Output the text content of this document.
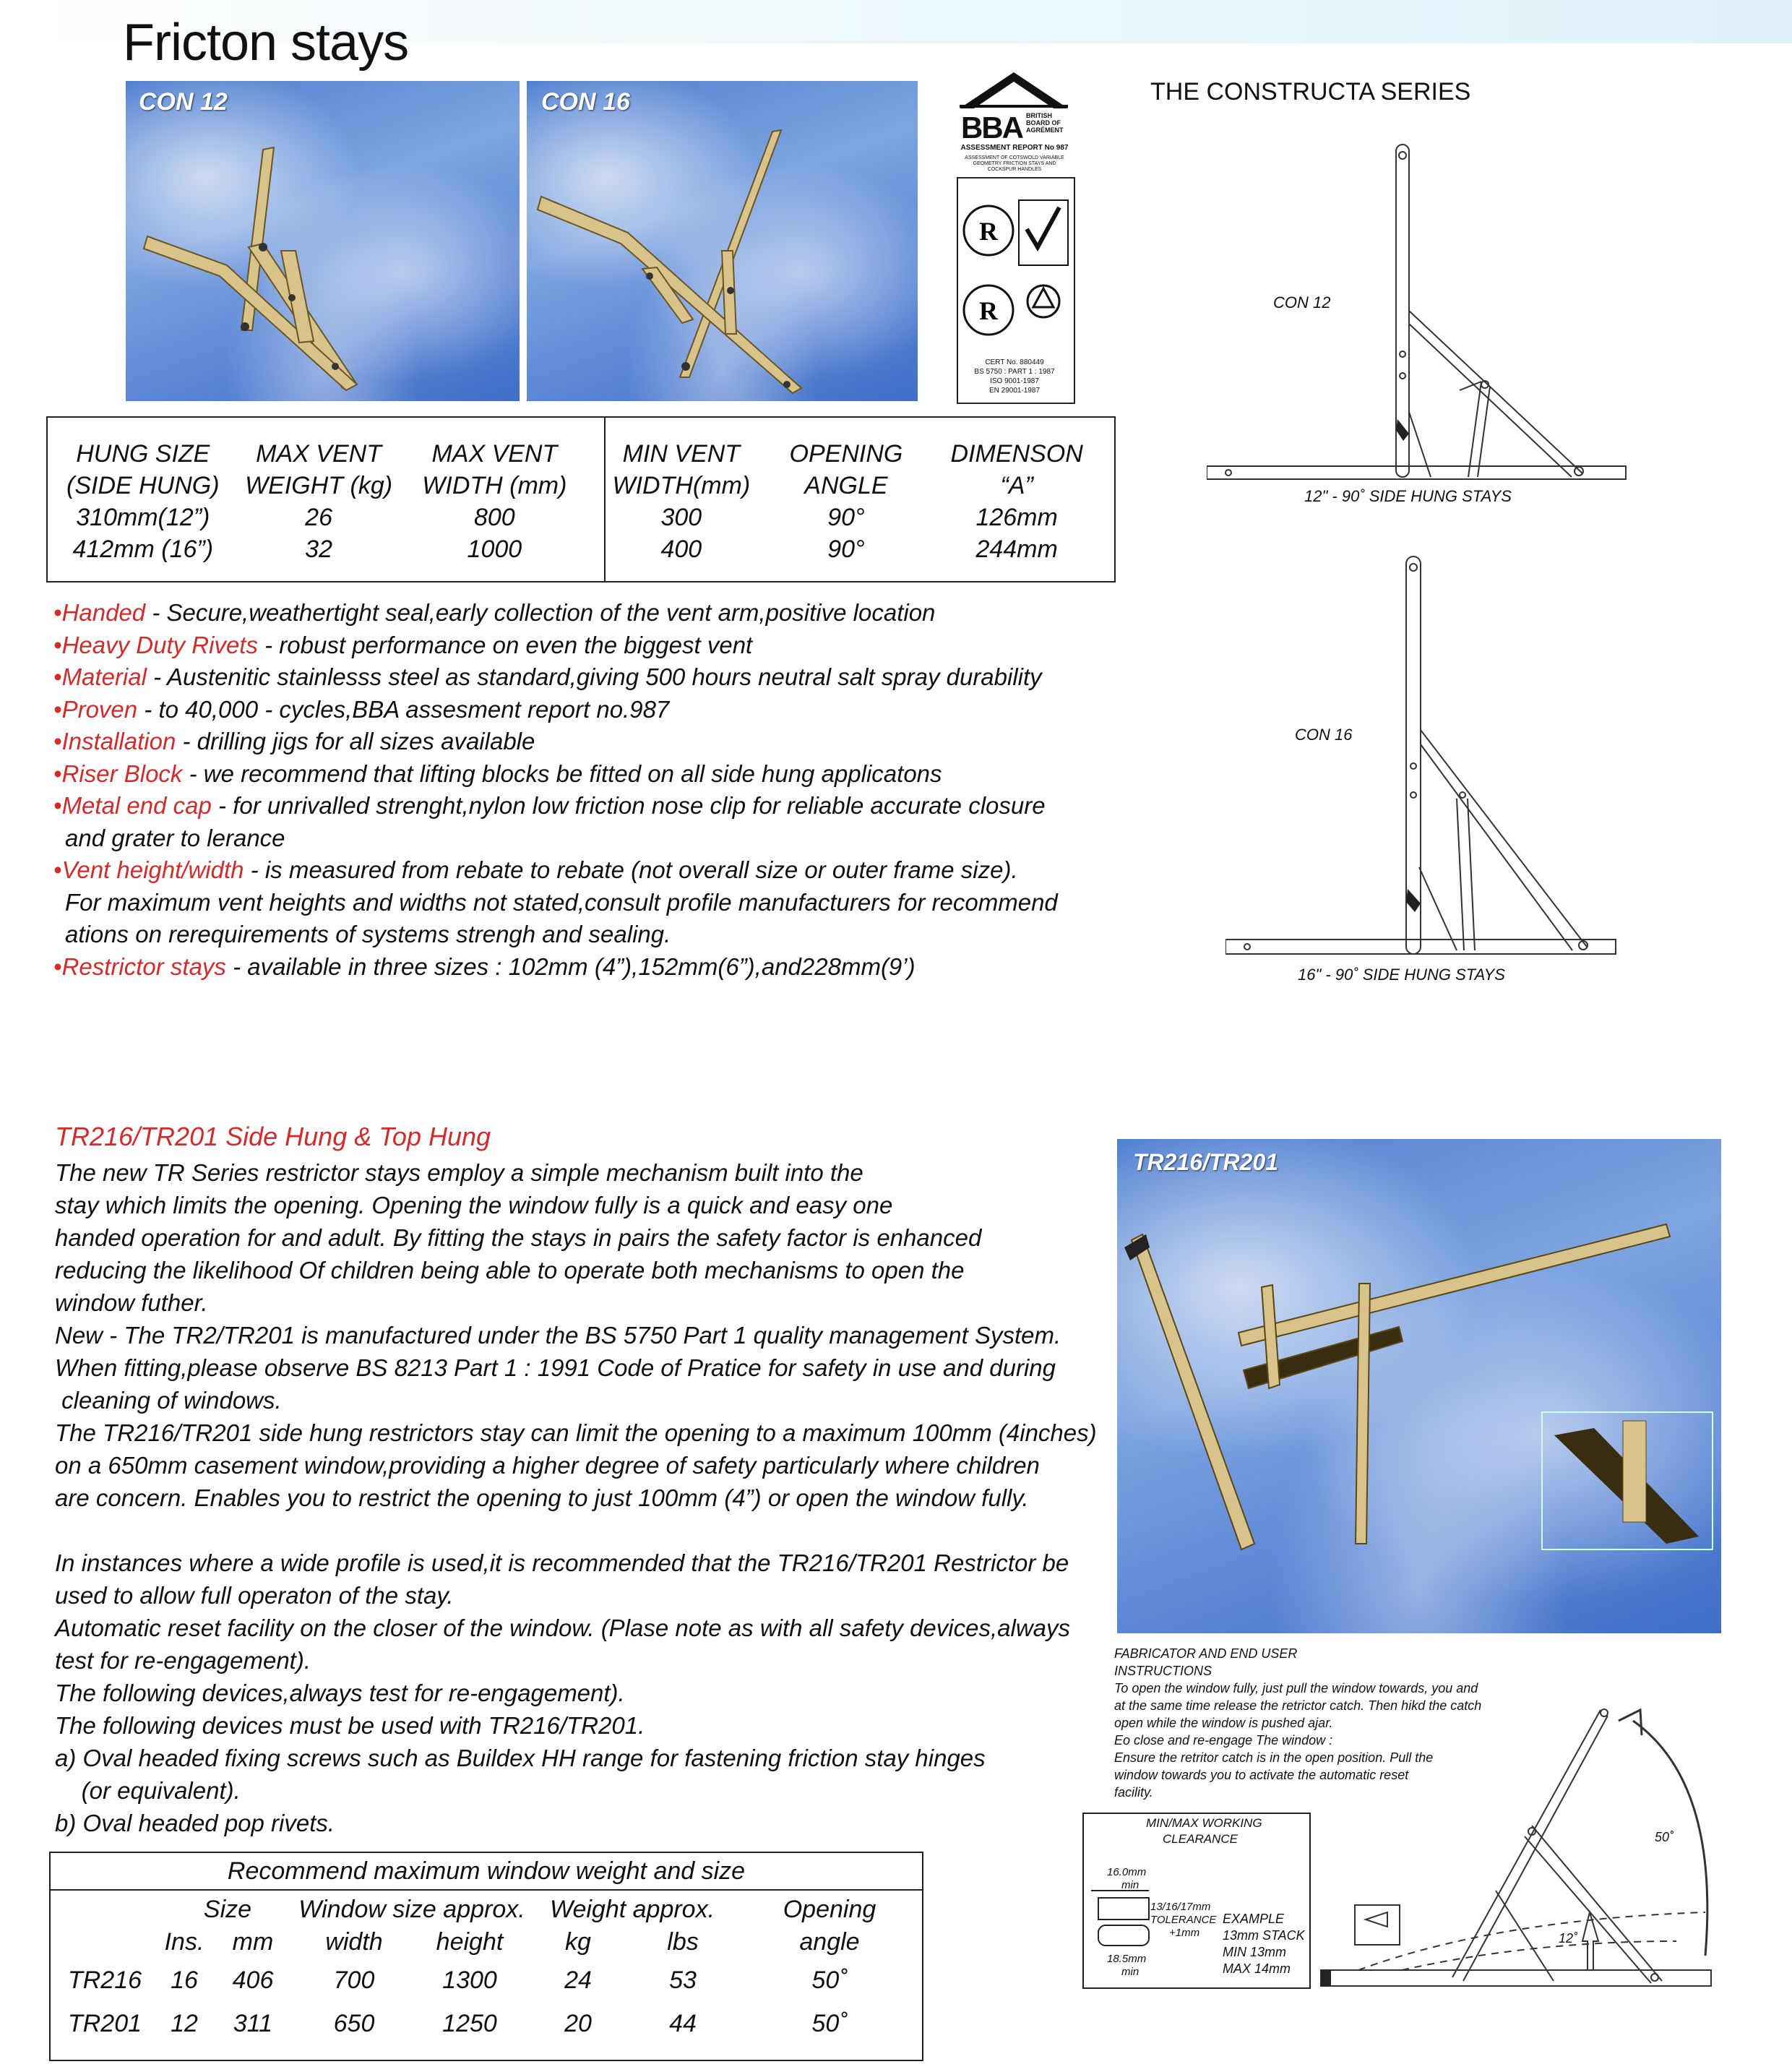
Fricton stays
CON 12	CON 16
BBA BRITISH BOARD OF AGRÉMENT
ASSESSMENT REPORT No 987
ASSESSMENT OF COTSWOLD VARIABLE GEOMETRY FRICTION STAYS AND COCKSPUR HANDLES
R
R
CERT No. 880449
BS 5750 : PART 1 : 1987
ISO 9001-1987
EN 29001-1987
THE CONSTRUCTA SERIES
HUNG SIZE	MAX VENT	MAX VENT	MIN VENT	OPENING	DIMENSON
(SIDE HUNG)	WEIGHT (kg)	WIDTH (mm)	WIDTH(mm)	ANGLE	“A”
310mm(12”)	26	800	300	90°	126mm
412mm (16”)	32	1000	400	90°	244mm
•Handed - Secure,weathertight seal,early collection of the vent arm,positive location
•Heavy Duty Rivets - robust performance on even the biggest vent
•Material - Austenitic stainlesss steel as standard,giving 500 hours neutral salt spray durability
•Proven - to 40,000 - cycles,BBA assesment report no.987
•Installation - drilling jigs for all sizes available
•Riser Block - we recommend that lifting blocks be fitted on all side hung applicatons
•Metal end cap - for unrivalled strenght,nylon low friction nose clip for reliable accurate closure
and grater to lerance
•Vent height/width - is measured from rebate to rebate (not overall size or outer frame size).
For maximum vent heights and widths not stated,consult profile manufacturers for recommend
ations on rerequirements of systems strengh and sealing.
•Restrictor stays - available in three sizes : 102mm (4”),152mm(6”),and228mm(9’)
CON 12
12" - 90˚ SIDE HUNG STAYS
CON 16
16" - 90˚ SIDE HUNG STAYS
TR216/TR201 Side Hung & Top Hung
The new TR Series restrictor stays employ a simple mechanism built into the
stay which limits the opening. Opening the window fully is a quick and easy one
handed operation for and adult. By fitting the stays in pairs the safety factor is enhanced
reducing the likelihood Of children being able to operate both mechanisms to open the
window futher.
New - The TR2/TR201 is manufactured under the BS 5750 Part 1 quality management System.
When fitting,please observe BS 8213 Part 1 : 1991 Code of Pratice for safety in use and during
cleaning of windows.
The TR216/TR201 side hung restrictors stay can limit the opening to a maximum 100mm (4inches)
on a 650mm casement window,providing a higher degree of safety particularly where children
are concern. Enables you to restrict the opening to just 100mm (4”) or open the window fully.
In instances where a wide profile is used,it is recommended that the TR216/TR201 Restrictor be
used to allow full operaton of the stay.
Automatic reset facility on the closer of the window. (Plase note as with all safety devices,always
test for re-engagement).
The following devices,always test for re-engagement).
The following devices must be used with TR216/TR201.
a) Oval headed fixing screws such as Buildex HH range for fastening friction stay hinges
(or equivalent).
b) Oval headed pop rivets.
TR216/TR201
FABRICATOR AND END USER
INSTRUCTIONS
To open the window fully, just pull the window towards, you and
at the same time release the retrictor catch. Then hikd the catch
open while the window is pushed ajar.
Eo close and re-engage The window :
Ensure the retritor catch is in the open position. Pull the
window towards you to activate the automatic reset
facility.
MIN/MAX WORKING
CLEARANCE
16.0mm
min
13/16/17mm
TOLERANCE
+1mm
18.5mm
min
EXAMPLE
13mm STACK
MIN 13mm
MAX 14mm
12˚
50˚
Recommend maximum window weight and size
	Size		Window size approx.		Weight approx.		Opening
	Ins.	mm	width	height	kg	lbs	angle
TR216	16	406	700	1300	24	53	50˚
TR201	12	311	650	1250	20	44	50˚
